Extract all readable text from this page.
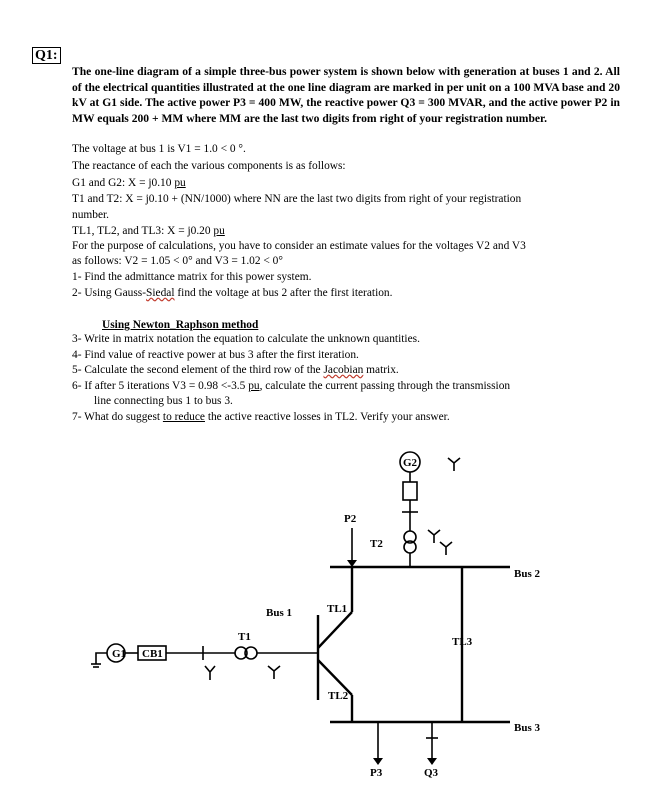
Q1:
The one-line diagram of a simple three-bus power system is shown below with generation at buses 1 and 2. All of the electrical quantities illustrated at the one line diagram are marked in per unit on a 100 MVA base and 20 kV at G1 side. The active power P3 = 400 MW, the reactive power Q3 = 300 MVAR, and the active power P2 in MW equals 200 + MM where MM are the last two digits from right of your registration number.
The voltage at bus 1 is V1 = 1.0 < 0 °.
The reactance of each the various components is as follows:
G1 and G2: X = j0.10 pu
T1 and T2: X = j0.10 + (NN/1000) where NN are the last two digits from right of your registration
number.
TL1, TL2, and TL3: X = j0.20 pu
For the purpose of calculations, you have to consider an estimate values for the voltages V2 and V3
as follows: V2 = 1.05 < 0° and V3 = 1.02 < 0°
1- Find the admittance matrix for this power system.
2- Using Gauss-Siedal find the voltage at bus 2 after the first iteration.
Using Newton_Raphson method
3- Write in matrix notation the equation to calculate the unknown quantities.
4- Find value of reactive power at bus 3 after the first iteration.
5- Calculate the second element of the third row of the Jacobian matrix.
6- If after 5 iterations V3 = 0.98 <-3.5 pu, calculate the current passing through the transmission
line connecting bus 1 to bus 3.
7- What do suggest to reduce the active reactive losses in TL2. Verify your answer.
G1 CB1
T1
G2
T2
P2
Bus 1	TL1
TL2
TL3
Bus 2
Bus 3
P3	Q3
